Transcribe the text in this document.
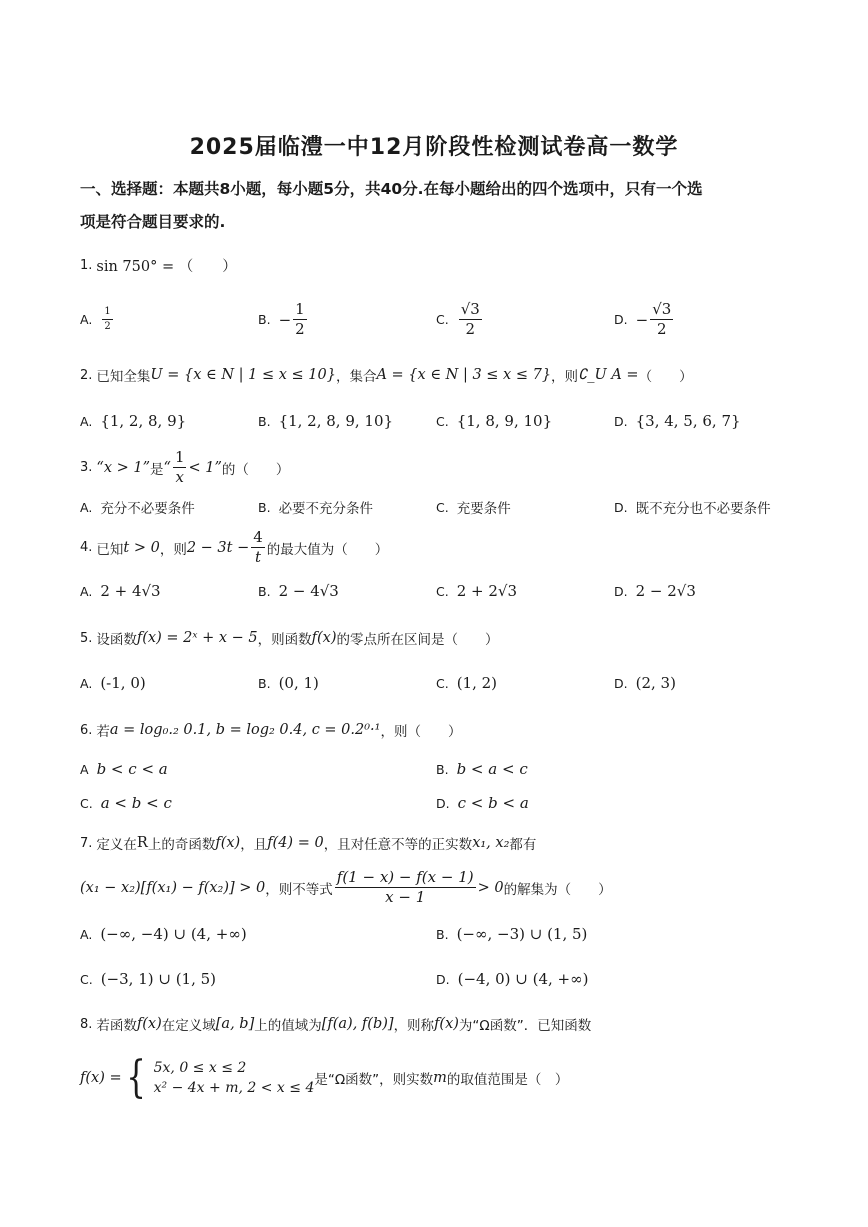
2025届临澧一中12月阶段性检测试卷高一数学
一、选择题：本题共8小题，每小题5分，共40分.在每小题给出的四个选项中，只有一个选
项是符合题目要求的.
1. sin 750° = （　　）
A. $\frac{1}{2}$	B. − $\frac{1}{2}$	C. $\frac{√3}{2}$	D. − $\frac{√3}{2}$
2. 已知全集 U = {x ∈ N | 1 ≤ x ≤ 10} ，集合 A = {x ∈ N | 3 ≤ x ≤ 7} ，则 ∁_U A = （　　）
A. {1, 2, 8, 9}	B. {1, 2, 8, 9, 10}	C. {1, 8, 9, 10}	D. {3, 4, 5, 6, 7}
3. “x > 1” 是 “ $\frac{1}{x} < 1$” 的（　　）
A. 充分不必要条件	B. 必要不充分条件	C. 充要条件	D. 既不充分也不必要条件
4. 已知 t > 0 ，则 $2 - 3t - \frac{4}{t}$ 的最大值为（　　）
A. 2 + 4√3	B. 2 − 4√3	C. 2 + 2√3	D. 2 − 2√3
5. 设函数 f(x) = 2ˣ + x − 5 ，则函数 f(x) 的零点所在区间是（　　）
A. (-1, 0)	B. (0, 1)	C. (1, 2)	D. (2, 3)
6. 若 a = log₀.₂ 0.1, b = log₂ 0.4, c = 0.2⁰·¹ ，则（　　）
A b < c < a	B. b < a < c
C. a < b < c	D. c < b < a
7. 定义在 R 上的奇函数 f(x) ，且 f(4) = 0 ，且对任意不等的正实数 x₁, x₂ 都有
(x₁ − x₂)[f(x₁) − f(x₂)] > 0 ，则不等式 $\frac{f(1 - x) - f(x - 1)}{x - 1} > 0$ 的解集为（　　）
A. (−∞, −4) ∪ (4, +∞)	B. (−∞, −3) ∪ (1, 5)
C. (−3, 1) ∪ (1, 5)	D. (−4, 0) ∪ (4, +∞)
8. 若函数 f(x) 在定义域 [a, b] 上的值域为 [f(a), f(b)] ，则称 f(x) 为“Ω函数”．已知函数
f(x) = { 5x, 0 ≤ x ≤ 2
x² − 4x + m, 2 < x ≤ 4 是“Ω函数”，则实数 m 的取值范围是（　）
